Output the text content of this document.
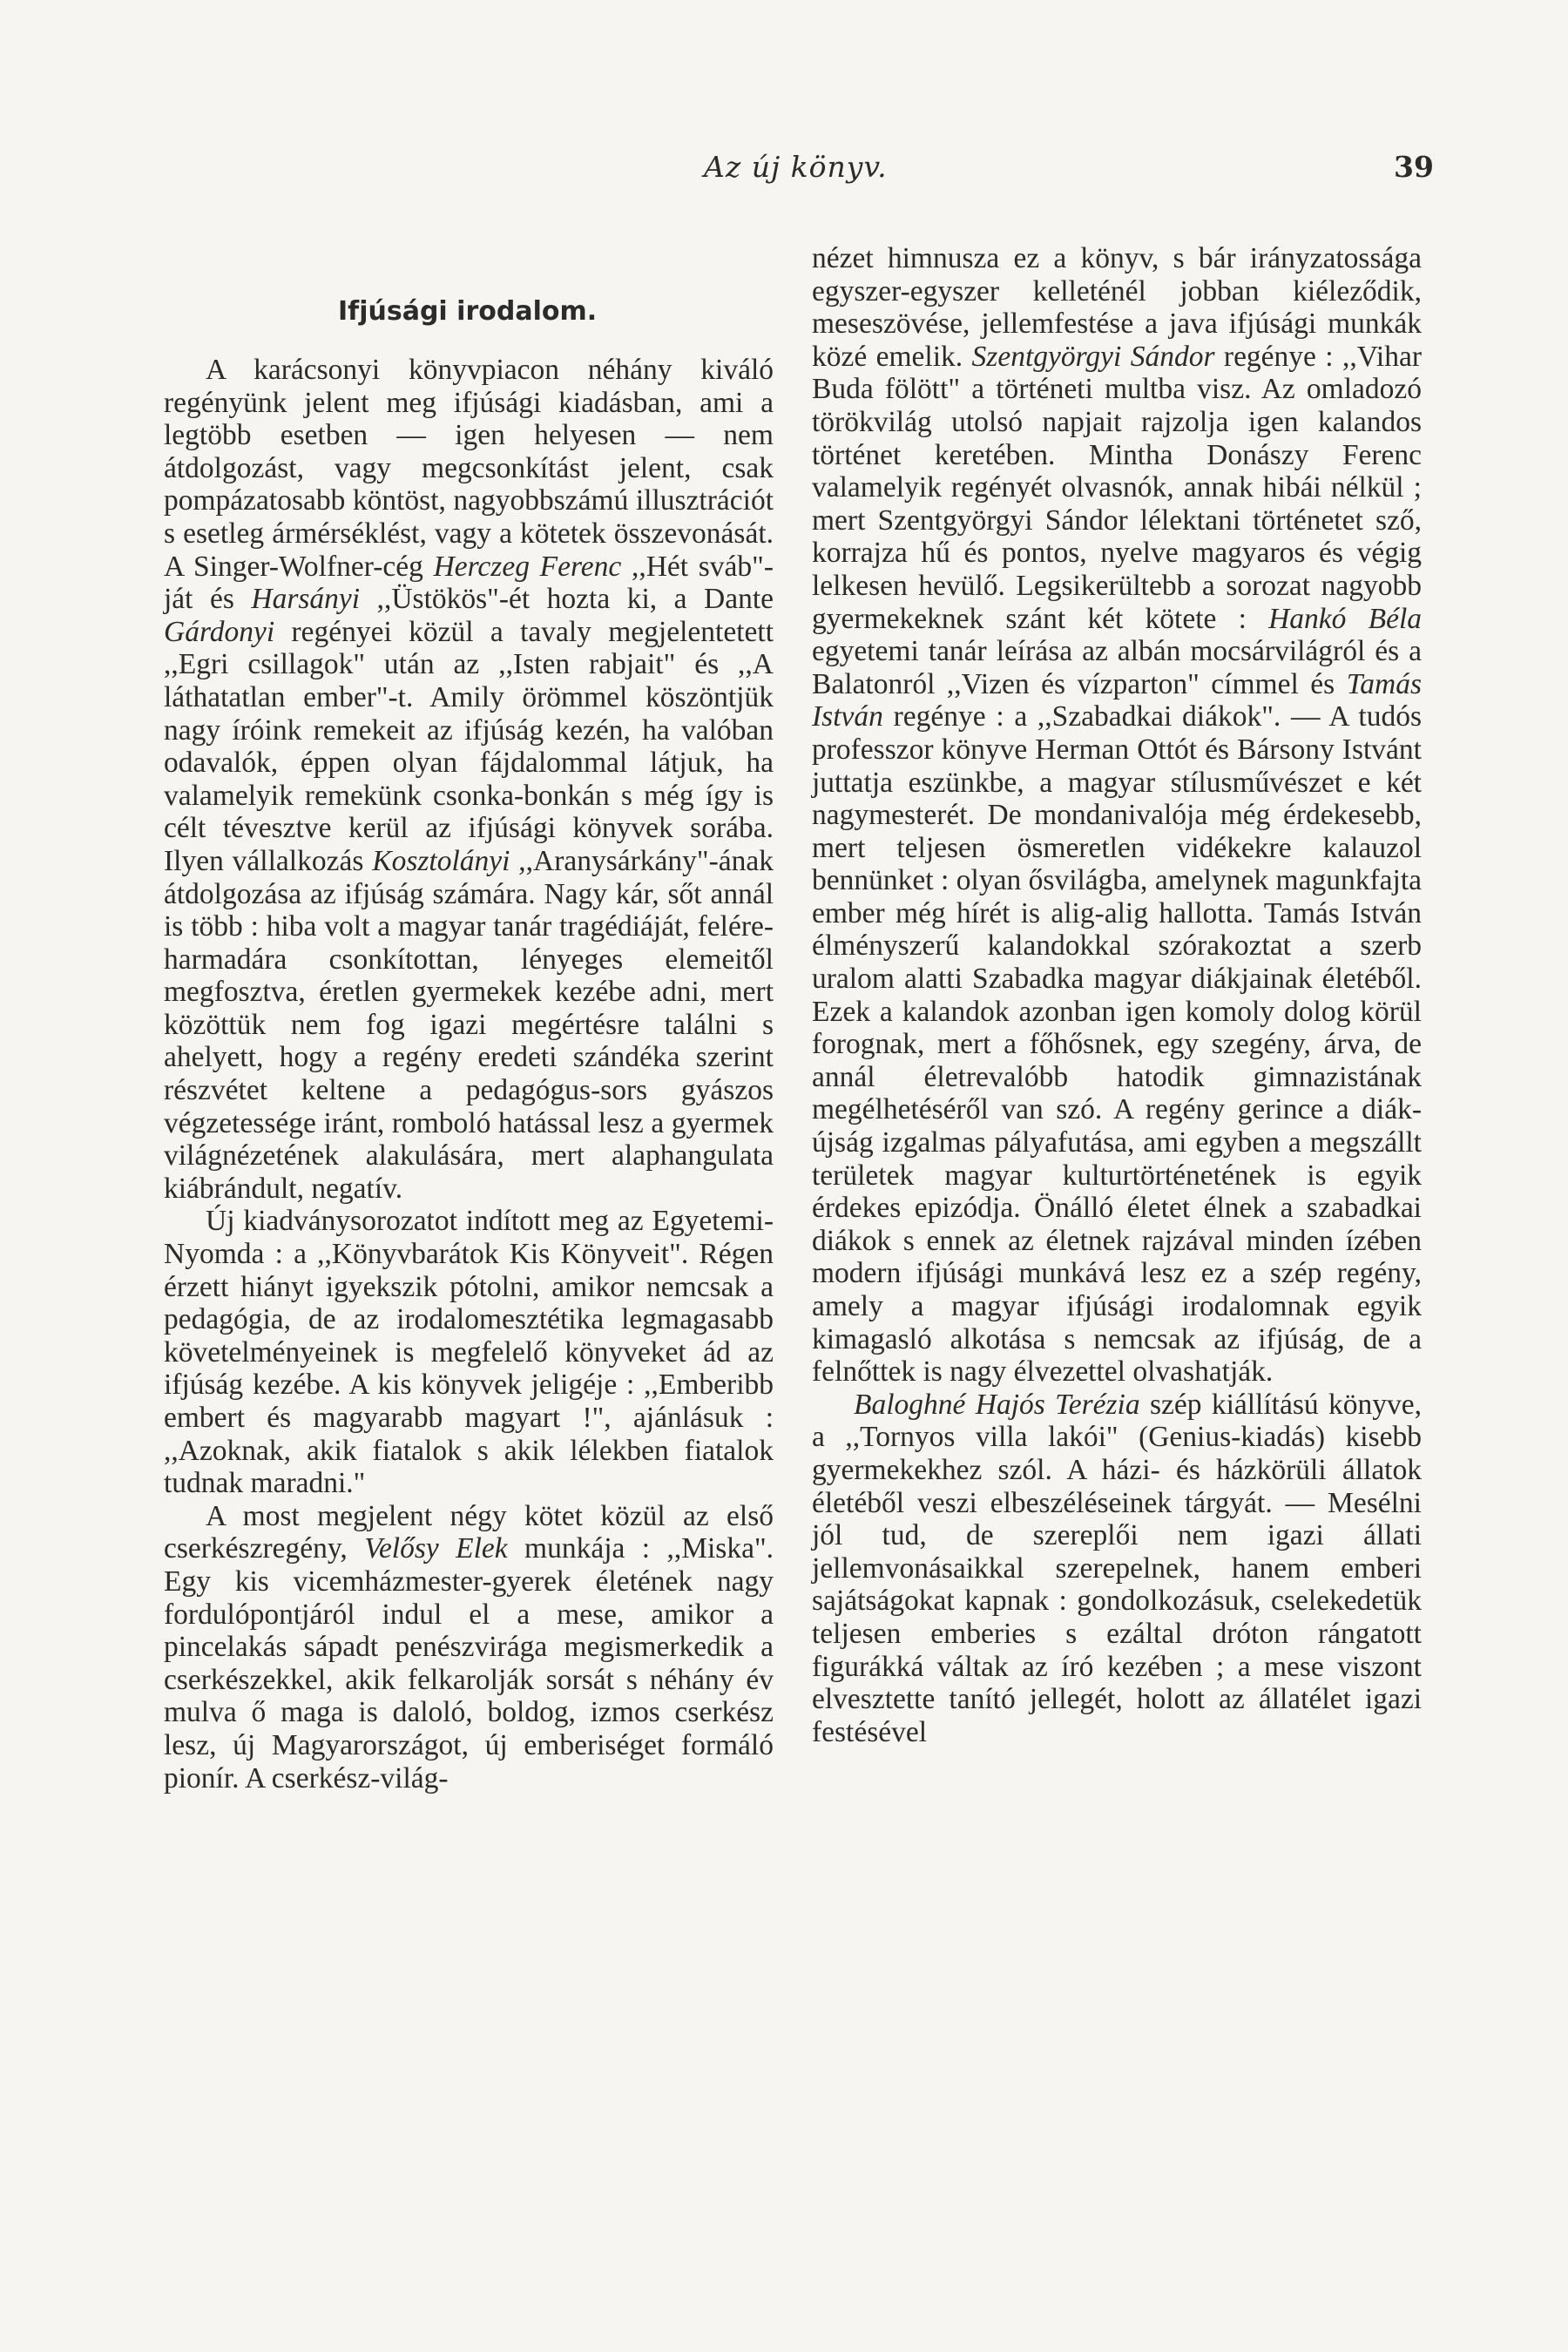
Az új könyv.	39
Ifjúsági irodalom.

A karácsonyi könyvpiacon néhány kiváló regényünk jelent meg ifjúsági kiadásban, ami a legtöbb esetben — igen helyesen — nem átdolgozást, vagy megcsonkítást jelent, csak pompázatosabb köntöst, nagyobbszámú illusztrációt s esetleg ármérséklést, vagy a kötetek összevonását. A Singer-Wolfner-cég Herczeg Ferenc ,,Hét sváb"-ját és Harsányi ,,Üstökös"-ét hozta ki, a Dante Gárdonyi regényei közül a tavaly megjelentetett ,,Egri csillagok" után az ,,Isten rabjait" és ,,A láthatatlan ember"-t. Amily örömmel köszöntjük nagy íróink remekeit az ifjúság kezén, ha valóban odavalók, éppen olyan fájdalommal látjuk, ha valamelyik remekünk csonka-bonkán s még így is célt tévesztve kerül az ifjúsági könyvek sorába. Ilyen vállalkozás Kosztolányi ,,Aranysárkány"-ának átdolgozása az ifjúság számára. Nagy kár, sőt annál is több : hiba volt a magyar tanár tragédiáját, felére-harmadára csonkítottan, lényeges elemeitől megfosztva, éretlen gyermekek kezébe adni, mert közöttük nem fog igazi megértésre találni s ahelyett, hogy a regény eredeti szándéka szerint részvétet keltene a pedagógus-sors gyászos végzetessége iránt, romboló hatással lesz a gyermek világnézetének alakulására, mert alaphangulata kiábrándult, negatív.

Új kiadványsorozatot indított meg az Egyetemi-Nyomda : a ,,Könyvbarátok Kis Könyveit". Régen érzett hiányt igyekszik pótolni, amikor nemcsak a pedagógia, de az irodalomesztétika legmagasabb követelményeinek is megfelelő könyveket ád az ifjúság kezébe. A kis könyvek jeligéje : ,,Emberibb embert és magyarabb magyart !", ajánlásuk : ,,Azoknak, akik fiatalok s akik lélekben fiatalok tudnak maradni."

A most megjelent négy kötet közül az első cserkészregény, Velősy Elek munkája : ,,Miska". Egy kis vicemházmester-gyerek életének nagy fordulópontjáról indul el a mese, amikor a pincelakás sápadt penészvirága megismerkedik a cserkészekkel, akik felkarolják sorsát s néhány év mulva ő maga is daloló, boldog, izmos cserkész lesz, új Magyarországot, új emberiséget formáló pionír. A cserkész-világ-

nézet himnusza ez a könyv, s bár irányzatossága egyszer-egyszer kelleténél jobban kiéleződik, meseszövése, jellemfestése a java ifjúsági munkák közé emelik. Szentgyörgyi Sándor regénye : ,,Vihar Buda fölött" a történeti multba visz. Az omladozó törökvilág utolsó napjait rajzolja igen kalandos történet keretében. Mintha Donászy Ferenc valamelyik regényét olvasnók, annak hibái nélkül ; mert Szentgyörgyi Sándor lélektani történetet sző, korrajza hű és pontos, nyelve magyaros és végig lelkesen hevülő. Legsikerültebb a sorozat nagyobb gyermekeknek szánt két kötete : Hankó Béla egyetemi tanár leírása az albán mocsárvilágról és a Balatonról ,,Vizen és vízparton" címmel és Tamás István regénye : a ,,Szabadkai diákok". — A tudós professzor könyve Herman Ottót és Bársony Istvánt juttatja eszünkbe, a magyar stílusművészet e két nagymesterét. De mondanivalója még érdekesebb, mert teljesen ösmeretlen vidékekre kalauzol bennünket : olyan ősvilágba, amelynek magunkfajta ember még hírét is alig-alig hallotta. Tamás István élményszerű kalandokkal szórakoztat a szerb uralom alatti Szabadka magyar diákjainak életéből. Ezek a kalandok azonban igen komoly dolog körül forognak, mert a főhősnek, egy szegény, árva, de annál életrevalóbb hatodik gimnazistának megélhetéséről van szó. A regény gerince a diák-újság izgalmas pályafutása, ami egyben a megszállt területek magyar kulturtörténetének is egyik érdekes epizódja. Önálló életet élnek a szabadkai diákok s ennek az életnek rajzával minden ízében modern ifjúsági munkává lesz ez a szép regény, amely a magyar ifjúsági irodalomnak egyik kimagasló alkotása s nemcsak az ifjúság, de a felnőttek is nagy élvezettel olvashatják.

Baloghné Hajós Terézia szép kiállítású könyve, a ,,Tornyos villa lakói" (Genius-kiadás) kisebb gyermekekhez szól. A házi- és házkörüli állatok életéből veszi elbeszéléseinek tárgyát. — Mesélni jól tud, de szereplői nem igazi állati jellemvonásaikkal szerepelnek, hanem emberi sajátságokat kapnak : gondolkozásuk, cselekedetük teljesen emberies s ezáltal dróton rángatott figurákká váltak az író kezében ; a mese viszont elvesztette tanító jellegét, holott az állatélet igazi festésével
